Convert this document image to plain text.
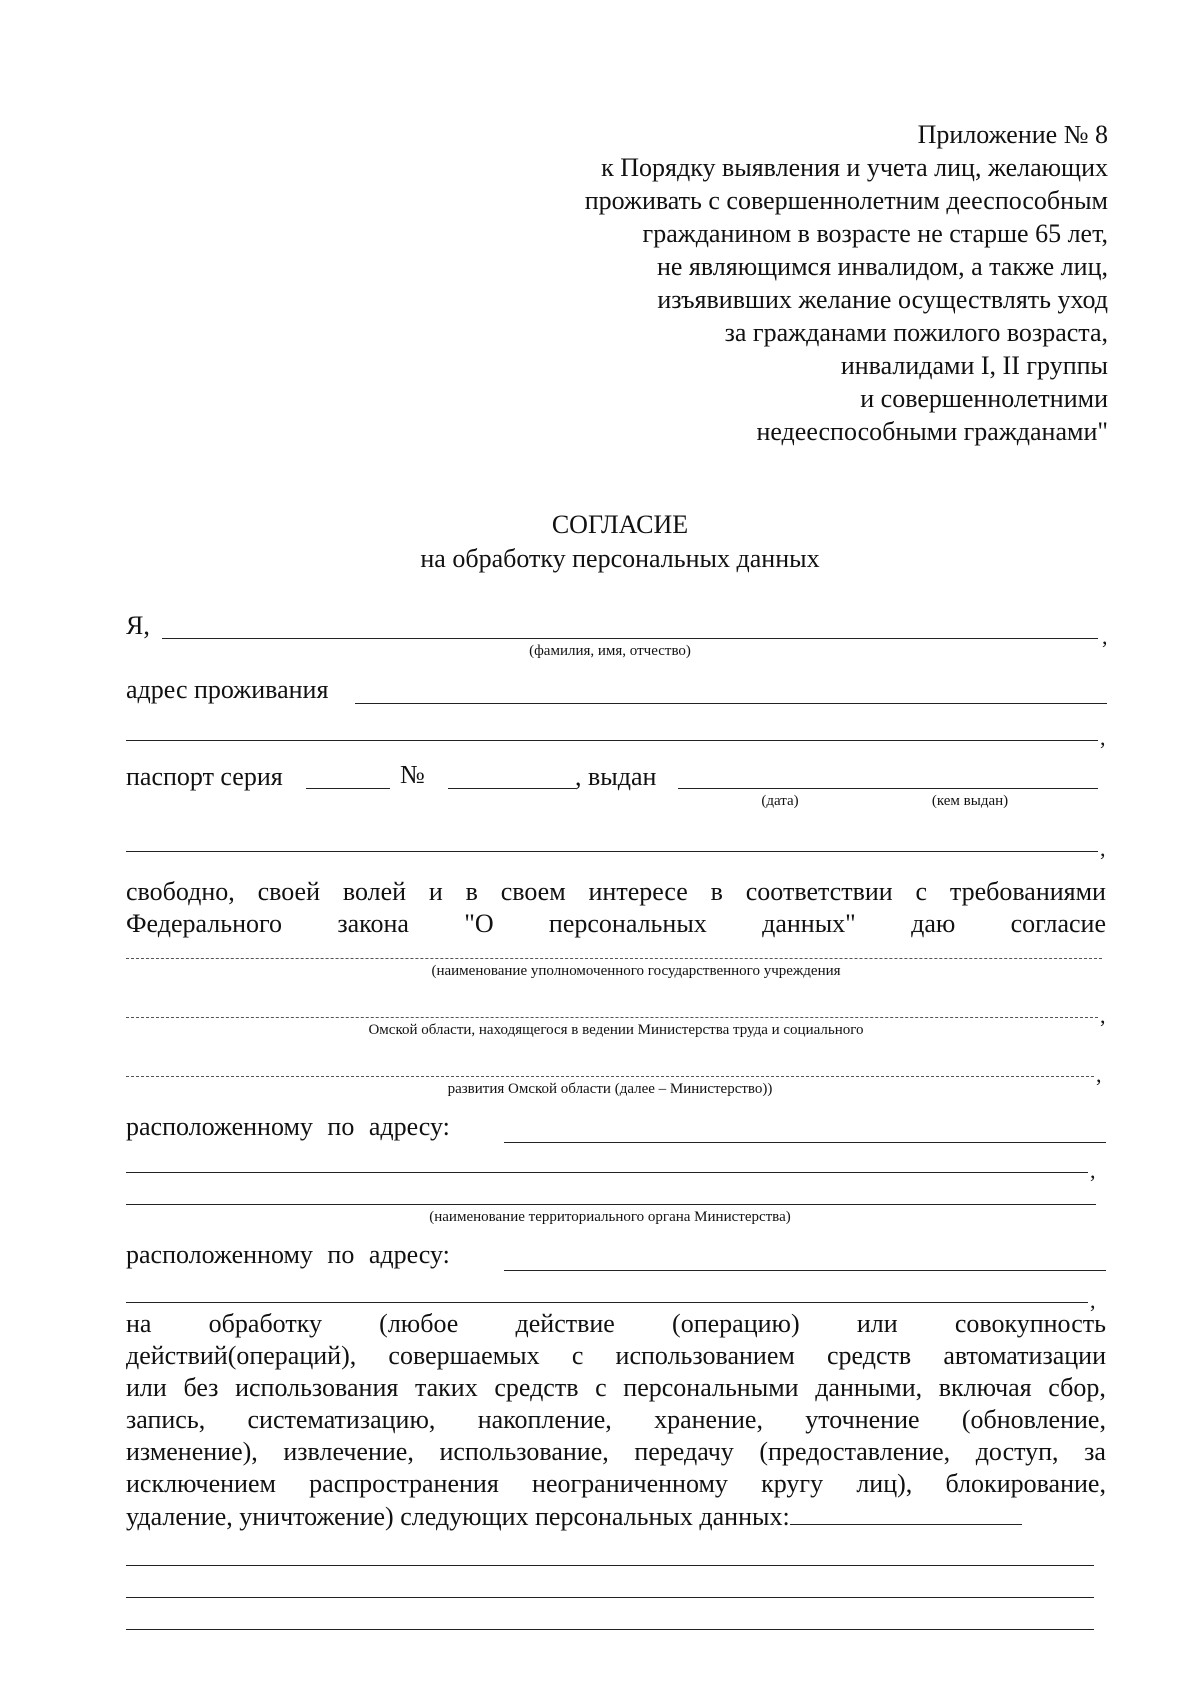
Приложение № 8
к Порядку выявления и учета лиц, желающих
проживать с совершеннолетним дееспособным
гражданином в возрасте не старше 65 лет,
не являющимся инвалидом, а также лиц,
изъявивших желание осуществлять уход
за гражданами пожилого возраста,
инвалидами I, II группы
и совершеннолетними
недееспособными гражданами"
СОГЛАСИЕ
на обработку персональных данных
Я,	,
(фамилия, имя, отчество)
адрес проживания
,
паспорт серия	№	, выдан
(дата)	(кем выдан)
,
свободно, своей волей и в своем интересе в соответствии с требованиями
Федерального закона "О персональных данных" даю согласие
(наименование уполномоченного государственного учреждения
,
Омской области, находящегося в ведении Министерства труда и социального
,
развития Омской области (далее – Министерство))
расположенному по адресу:
,
(наименование территориального органа Министерства)
расположенному по адресу:
,
на обработку (любое действие (операцию) или совокупность
действий(операций), совершаемых с использованием средств автоматизации
или без использования таких средств с персональными данными, включая сбор,
запись, систематизацию, накопление, хранение, уточнение (обновление,
изменение), извлечение, использование, передачу (предоставление, доступ, за
исключением распространения неограниченному кругу лиц), блокирование,
удаление, уничтожение) следующих персональных данных:
